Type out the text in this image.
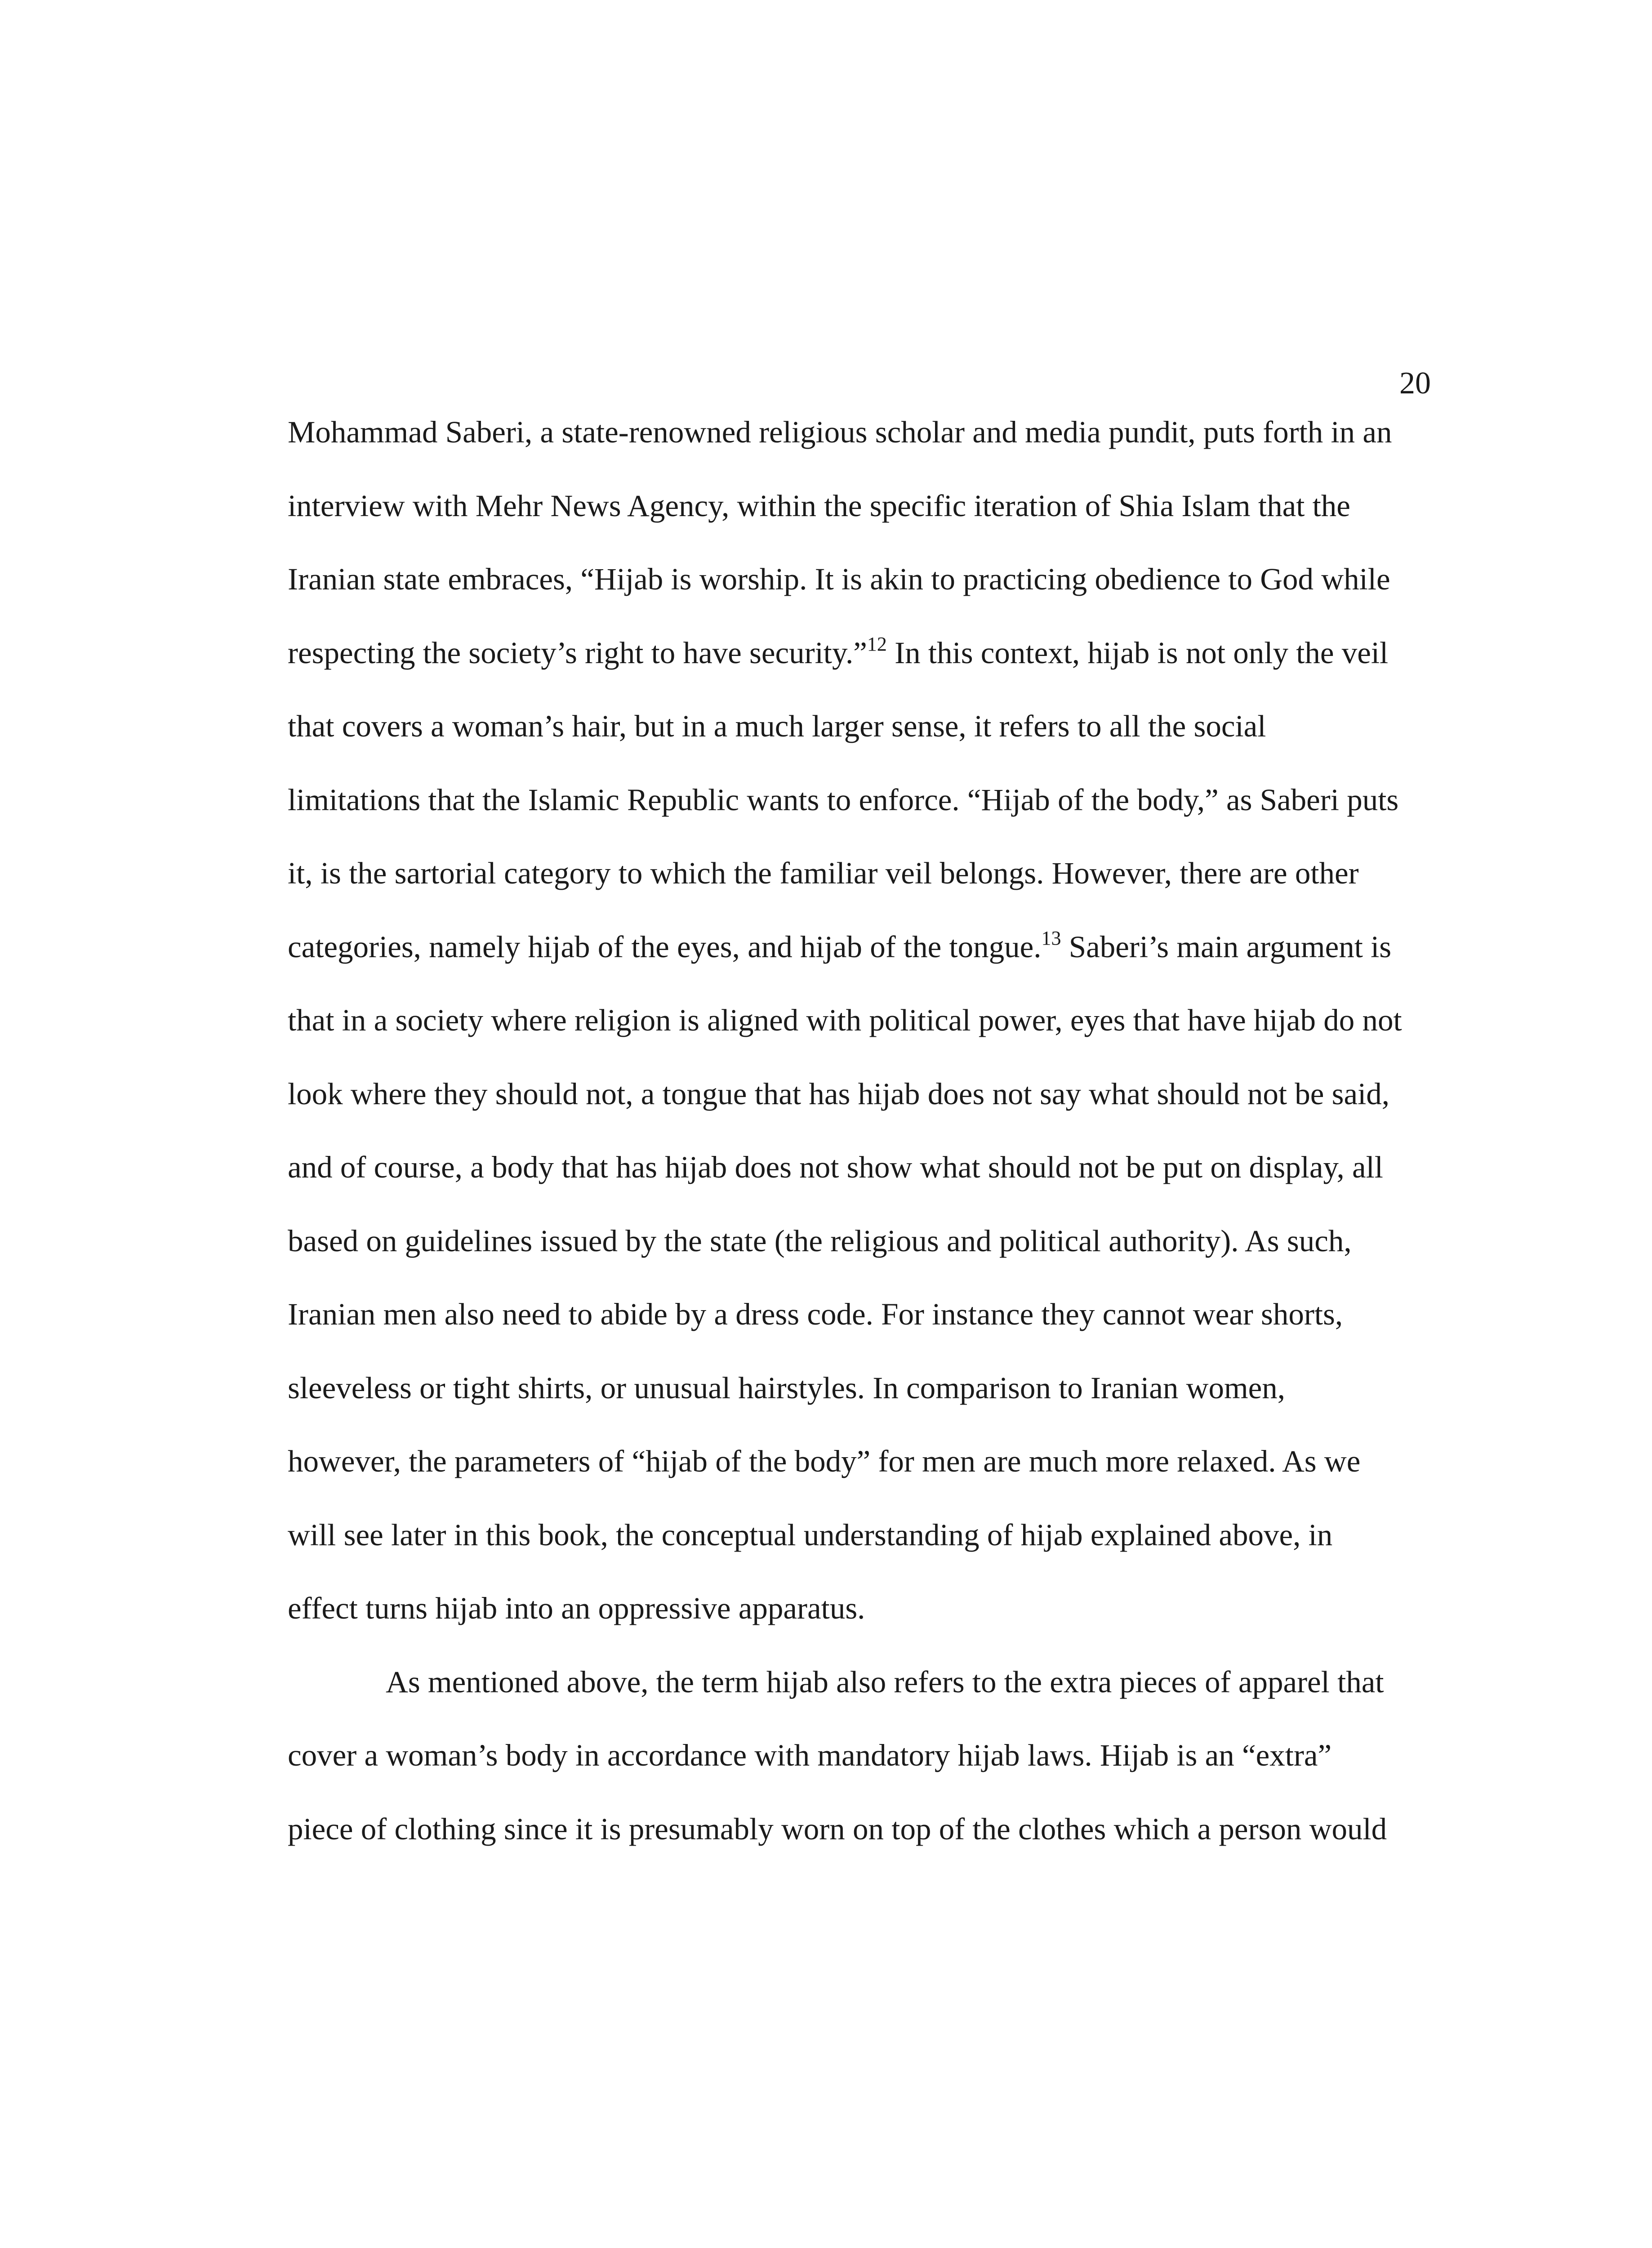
20
Mohammad Saberi, a state-renowned religious scholar and media pundit, puts forth in an
interview with Mehr News Agency, within the specific iteration of Shia Islam that the
Iranian state embraces, “Hijab is worship. It is akin to practicing obedience to God while
respecting the society’s right to have security.”$^{12}$ In this context, hijab is not only the veil
that covers a woman’s hair, but in a much larger sense, it refers to all the social
limitations that the Islamic Republic wants to enforce. “Hijab of the body,” as Saberi puts
it, is the sartorial category to which the familiar veil belongs. However, there are other
categories, namely hijab of the eyes, and hijab of the tongue.$^{13}$ Saberi’s main argument is
that in a society where religion is aligned with political power, eyes that have hijab do not
look where they should not, a tongue that has hijab does not say what should not be said,
and of course, a body that has hijab does not show what should not be put on display, all
based on guidelines issued by the state (the religious and political authority). As such,
Iranian men also need to abide by a dress code. For instance they cannot wear shorts,
sleeveless or tight shirts, or unusual hairstyles. In comparison to Iranian women,
however, the parameters of “hijab of the body” for men are much more relaxed. As we
will see later in this book, the conceptual understanding of hijab explained above, in
effect turns hijab into an oppressive apparatus.
As mentioned above, the term hijab also refers to the extra pieces of apparel that
cover a woman’s body in accordance with mandatory hijab laws. Hijab is an “extra”
piece of clothing since it is presumably worn on top of the clothes which a person would
